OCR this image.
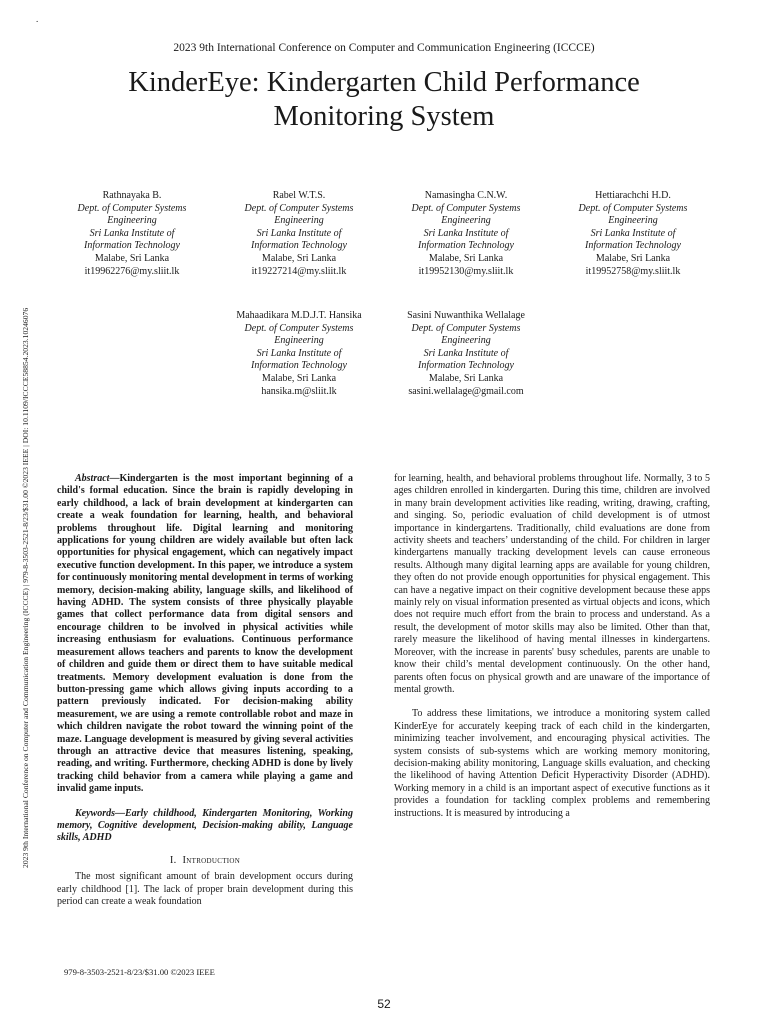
.
2023 9th International Conference on Computer and Communication Engineering (ICCCE) | 979-8-3503-2521-8/23/$31.00 ©2023 IEEE | DOI: 10.1109/ICCCE58854.2023.10246076
2023 9th International Conference on Computer and Communication Engineering (ICCCE)
KinderEye: Kindergarten Child Performance
Monitoring System
Rathnayaka B.
Dept. of Computer Systems
Engineering
Sri Lanka Institute of
Information Technology
Malabe, Sri Lanka
it19962276@my.sliit.lk
Rabel W.T.S.
Dept. of Computer Systems
Engineering
Sri Lanka Institute of
Information Technology
Malabe, Sri Lanka
it19227214@my.sliit.lk
Namasingha C.N.W.
Dept. of Computer Systems
Engineering
Sri Lanka Institute of
Information Technology
Malabe, Sri Lanka
it19952130@my.sliit.lk
Hettiarachchi H.D.
Dept. of Computer Systems
Engineering
Sri Lanka Institute of
Information Technology
Malabe, Sri Lanka
it19952758@my.sliit.lk
Mahaadikara M.D.J.T. Hansika
Dept. of Computer Systems
Engineering
Sri Lanka Institute of
Information Technology
Malabe, Sri Lanka
hansika.m@sliit.lk
Sasini Nuwanthika Wellalage
Dept. of Computer Systems
Engineering
Sri Lanka Institute of
Information Technology
Malabe, Sri Lanka
sasini.wellalage@gmail.com

Abstract—Kindergarten is the most important beginning of a child's formal education. Since the brain is rapidly developing in early childhood, a lack of brain development at kindergarten can create a weak foundation for learning, health, and behavioral problems throughout life. Digital learning and monitoring applications for young children are widely available but often lack opportunities for physical engagement, which can negatively impact executive function development. In this paper, we introduce a system for continuously monitoring mental development in terms of working memory, decision-making ability, language skills, and likelihood of having ADHD. The system consists of three physically playable games that collect performance data from digital sensors and encourage children to be involved in physical activities while increasing enthusiasm for evaluations. Continuous performance measurement allows teachers and parents to know the development of children and guide them or direct them to have suitable medical treatments. Memory development evaluation is done from the button-pressing game which allows giving inputs according to a pattern previously indicated. For decision-making ability measurement, we are using a remote controllable robot and maze in which children navigate the robot toward the winning point of the maze. Language development is measured by giving several activities through an attractive device that measures listening, speaking, reading, and writing. Furthermore, checking ADHD is done by lively tracking child behavior from a camera while playing a game and invalid game inputs.

Keywords—Early childhood, Kindergarten Monitoring, Working memory, Cognitive development, Decision-making ability, Language skills, ADHD

I. Introduction

The most significant amount of brain development occurs during early childhood [1]. The lack of proper brain development during this period can create a weak foundation

for learning, health, and behavioral problems throughout life. Normally, 3 to 5 ages children enrolled in kindergarten. During this time, children are involved in many brain development activities like reading, writing, drawing, crafting, and singing. So, periodic evaluation of child development is of utmost importance in kindergartens. Traditionally, child evaluations are done from activity sheets and teachers’ understanding of the child. For children in larger kindergartens manually tracking development levels can cause erroneous results. Although many digital learning apps are available for young children, they often do not provide enough opportunities for physical engagement. This can have a negative impact on their cognitive development because these apps mainly rely on visual information presented as virtual objects and icons, which does not require much effort from the brain to process and understand. As a result, the development of motor skills may also be limited. Other than that, rarely measure the likelihood of having mental illnesses in kindergartens. Moreover, with the increase in parents' busy schedules, parents are unable to know their child’s mental development continuously. On the other hand, parents often focus on physical growth and are unaware of the importance of mental growth.

To address these limitations, we introduce a monitoring system called KinderEye for accurately keeping track of each child in the kindergarten, minimizing teacher involvement, and encouraging physical activities. The system consists of sub-systems which are working memory monitoring, decision-making ability monitoring, Language skills evaluation, and checking the likelihood of having Attention Deficit Hyperactivity Disorder (ADHD). Working memory in a child is an important aspect of executive functions as it provides a foundation for tackling complex problems and remembering instructions. It is measured by introducing a

979-8-3503-2521-8/23/$31.00 ©2023 IEEE
52
